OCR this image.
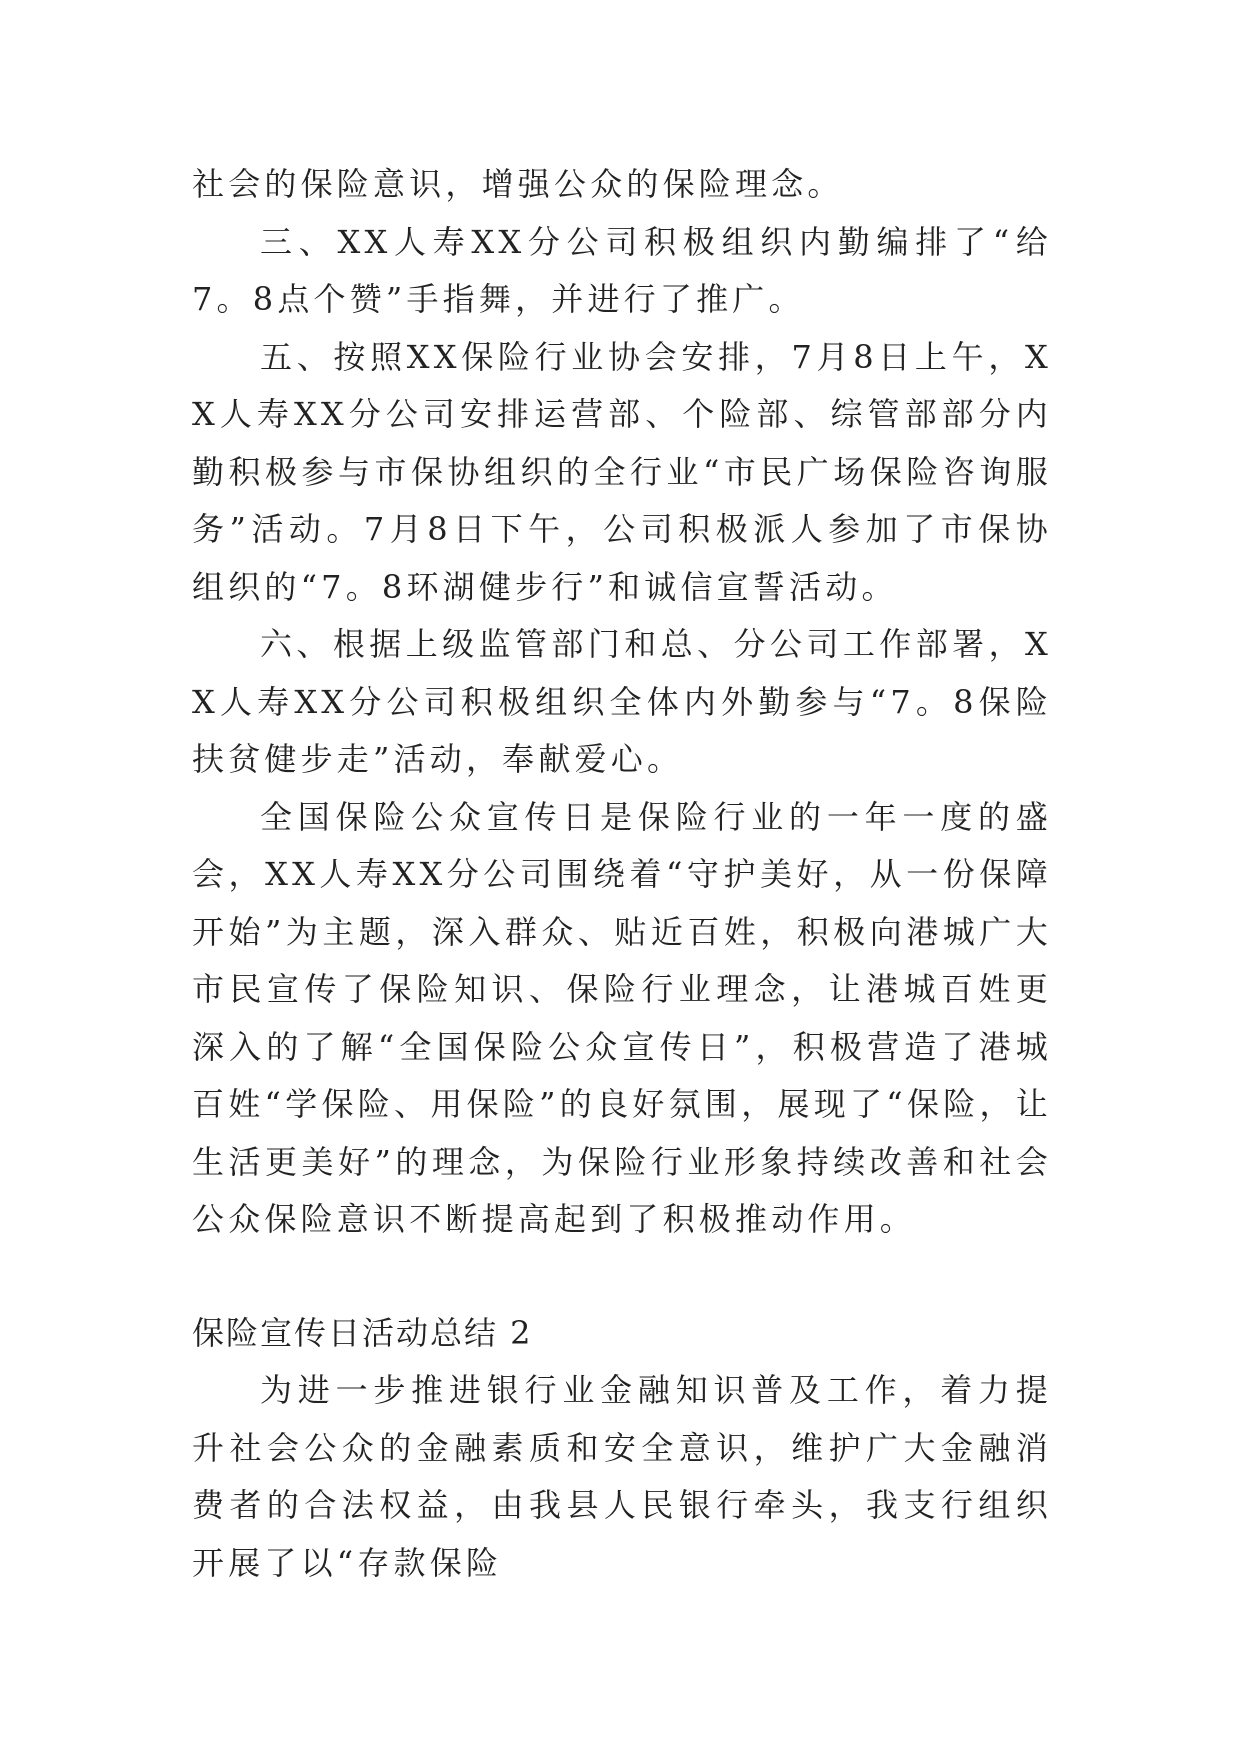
社会的保险意识，增强公众的保险理念。

三、XX人寿XX分公司积极组织内勤编排了“给7。8点个赞”手指舞，并进行了推广。

五、按照XX保险行业协会安排，7月8日上午，XX人寿XX分公司安排运营部、个险部、综管部部分内勤积极参与市保协组织的全行业“市民广场保险咨询服务”活动。7月8日下午，公司积极派人参加了市保协组织的“7。8环湖健步行”和诚信宣誓活动。

六、根据上级监管部门和总、分公司工作部署，XX人寿XX分公司积极组织全体内外勤参与“7。8保险扶贫健步走”活动，奉献爱心。

全国保险公众宣传日是保险行业的一年一度的盛会，XX人寿XX分公司围绕着“守护美好，从一份保障开始”为主题，深入群众、贴近百姓，积极向港城广大市民宣传了保险知识、保险行业理念，让港城百姓更深入的了解“全国保险公众宣传日”，积极营造了港城百姓“学保险、用保险”的良好氛围，展现了“保险，让生活更美好”的理念，为保险行业形象持续改善和社会公众保险意识不断提高起到了积极推动作用。

保险宣传日活动总结 2

为进一步推进银行业金融知识普及工作，着力提升社会公众的金融素质和安全意识，维护广大金融消费者的合法权益，由我县人民银行牵头，我支行组织开展了以“存款保险
